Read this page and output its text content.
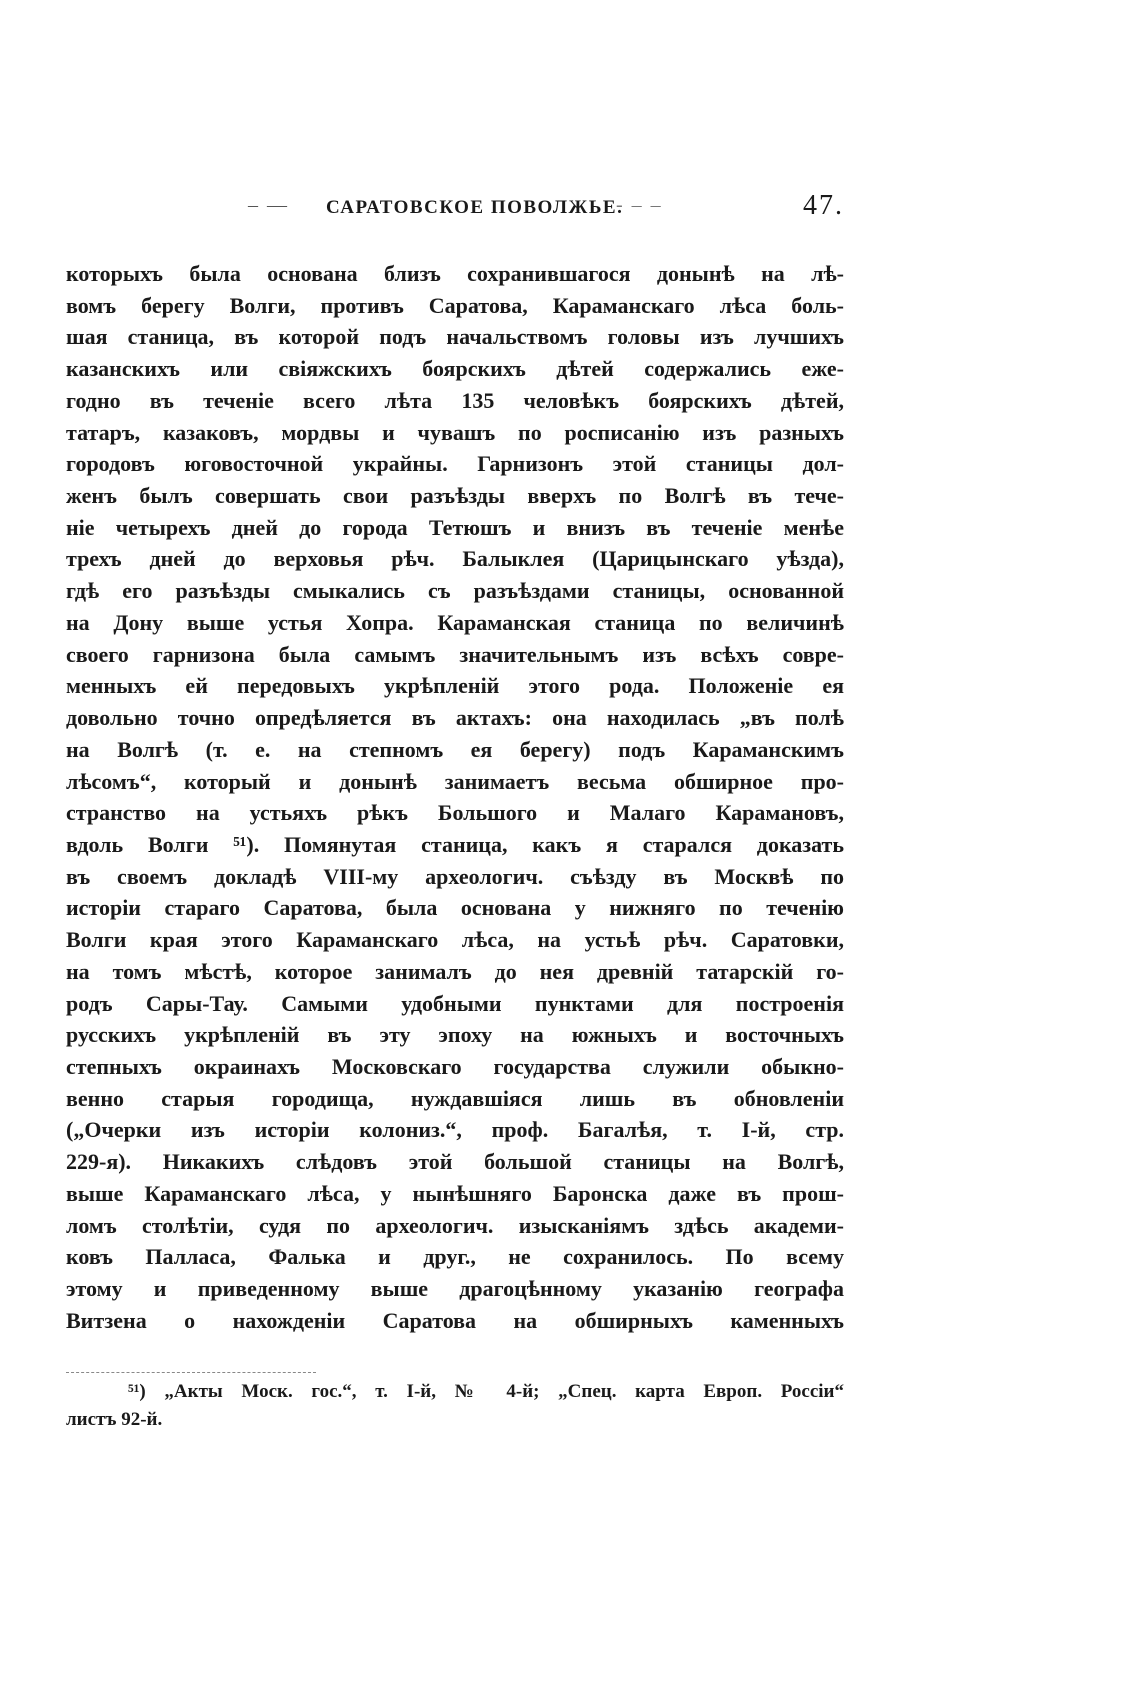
– — САРАТОВСКОЕ ПОВОЛЖЬЕ.
- – –	47.
которыхъ была основана близъ сохранившагося донынѣ на лѣ-
вомъ берегу Волги, противъ Саратова, Караманскаго лѣса боль-
шая станица, въ которой подъ начальствомъ головы изъ лучшихъ
казанскихъ или свiяжскихъ боярскихъ дѣтей содержались еже-
годно въ теченiе всего лѣта 135 человѣкъ боярскихъ дѣтей,
татаръ, казаковъ, мордвы и чувашъ по росписанiю изъ разныхъ
городовъ юговосточной украйны. Гарнизонъ этой станицы дол-
женъ былъ совершать свои разъѣзды вверхъ по Волгѣ въ тече-
нiе четырехъ дней до города Тетюшъ и внизъ въ теченiе менѣе
трехъ дней до верховья рѣч. Балыклея (Царицынскаго уѣзда),
гдѣ его разъѣзды смыкались съ разъѣздами станицы, основанной
на Дону выше устья Хопра. Караманская станица по величинѣ
своего гарнизона была самымъ значительнымъ изъ всѣхъ совре-
менныхъ ей передовыхъ укрѣпленiй этого рода. Положенiе ея
довольно точно опредѣляется въ актахъ: она находилась „въ полѣ
на Волгѣ (т. е. на степномъ ея берегу) подъ Караманскимъ
лѣсомъ“, который и донынѣ занимаетъ весьма обширное про-
странство на устьяхъ рѣкъ Большого и Малаго Карамановъ,
вдоль Волги ⁵¹). Помянутая станица, какъ я старался доказать
въ своемъ докладѣ VIII-му археологич. съѣзду въ Москвѣ по
исторiи стараго Саратова, была основана у нижняго по теченiю
Волги края этого Караманскаго лѣса, на устьѣ рѣч. Саратовки,
на томъ мѣстѣ, которое занималъ до нея древнiй татарскiй го-
родъ Сары-Тау. Самыми удобными пунктами для построенiя
русскихъ укрѣпленiй въ эту эпоху на южныхъ и восточныхъ
степныхъ окраинахъ Московскаго государства служили обыкно-
венно старыя городища, нуждавшiяся лишь въ обновленiи
(„Очерки изъ исторiи колониз.“, проф. Багалѣя, т. I-й, стр.
229-я). Никакихъ слѣдовъ этой большой станицы на Волгѣ,
выше Караманскаго лѣса, у нынѣшняго Баронска даже въ прош-
ломъ столѣтiи, судя по археологич. изысканiямъ здѣсь академи-
ковъ Палласа, Фалька и друг., не сохранилось. По всему
этому и приведенному выше драгоцѣнному указанiю географа
Витзена о нахожденiи Саратова на обширныхъ каменныхъ
⁵¹) „Акты Моск. гос.“, т. I-й, № 4-й; „Спец. карта Европ. Россiи“
листъ 92-й.
